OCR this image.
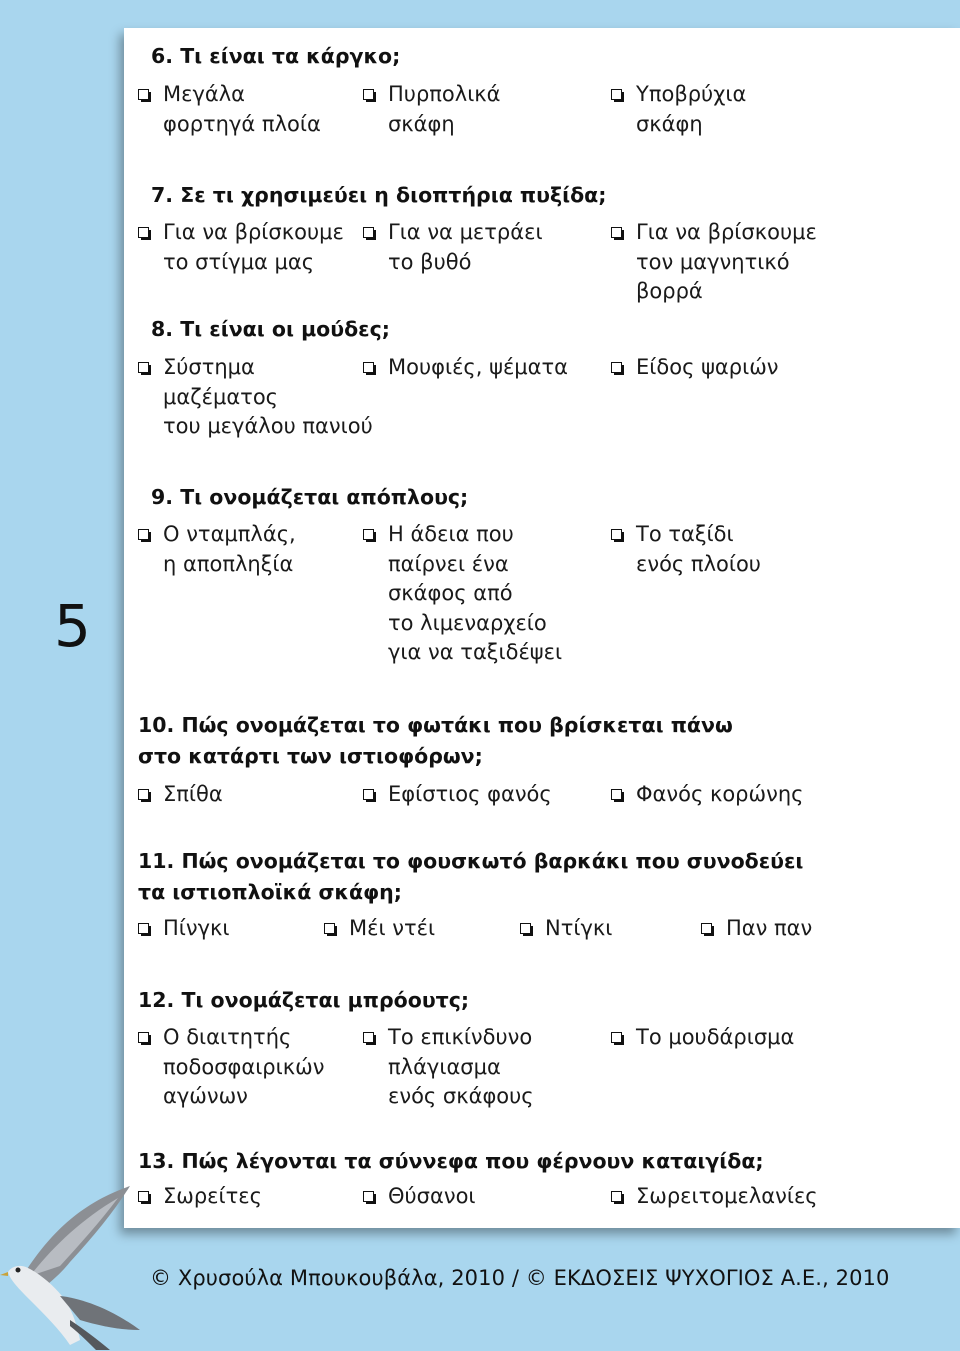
5
6. Τι είναι τα κάργκο;
Μεγάλα
φορτηγά πλοία
Πυρπολικά
σκάφη
Υποβρύχια
σκάφη
7. Σε τι χρησιμεύει η διοπτήρια πυξίδα;
Για να βρίσκουμε
το στίγμα μας
Για να μετράει
το βυθό
Για να βρίσκουμε
τον μαγνητικό
βορρά
8. Τι είναι οι μούδες;
Σύστημα
μαζέματος
του μεγάλου πανιού
Μουφιές, ψέματα	Είδος ψαριών
9. Τι ονομάζεται απόπλους;
Ο νταμπλάς,
η αποπληξία
Η άδεια που
παίρνει ένα
σκάφος από
το λιμεναρχείο
για να ταξιδέψει
Το ταξίδι
ενός πλοίου
10. Πώς ονομάζεται το φωτάκι που βρίσκεται πάνω
στο κατάρτι των ιστιοφόρων;
Σπίθα	Εφίστιος φανός	Φανός κορώνης
11. Πώς ονομάζεται το φουσκωτό βαρκάκι που συνοδεύει
τα ιστιοπλοϊκά σκάφη;
Πίνγκι	Μέι ντέι	Ντίγκι	Παν παν
12. Τι ονομάζεται μπρόουτς;
Ο διαιτητής
ποδοσφαιρικών
αγώνων
Το επικίνδυνο
πλάγιασμα
ενός σκάφους
Το μουδάρισμα
13. Πώς λέγονται τα σύννεφα που φέρνουν καταιγίδα;
Σωρείτες	Θύσανοι	Σωρειτομελανίες
© Χρυσούλα Μπουκουβάλα, 2010 / © ΕΚΔΟΣΕΙΣ ΨΥΧΟΓΙΟΣ Α.Ε., 2010
